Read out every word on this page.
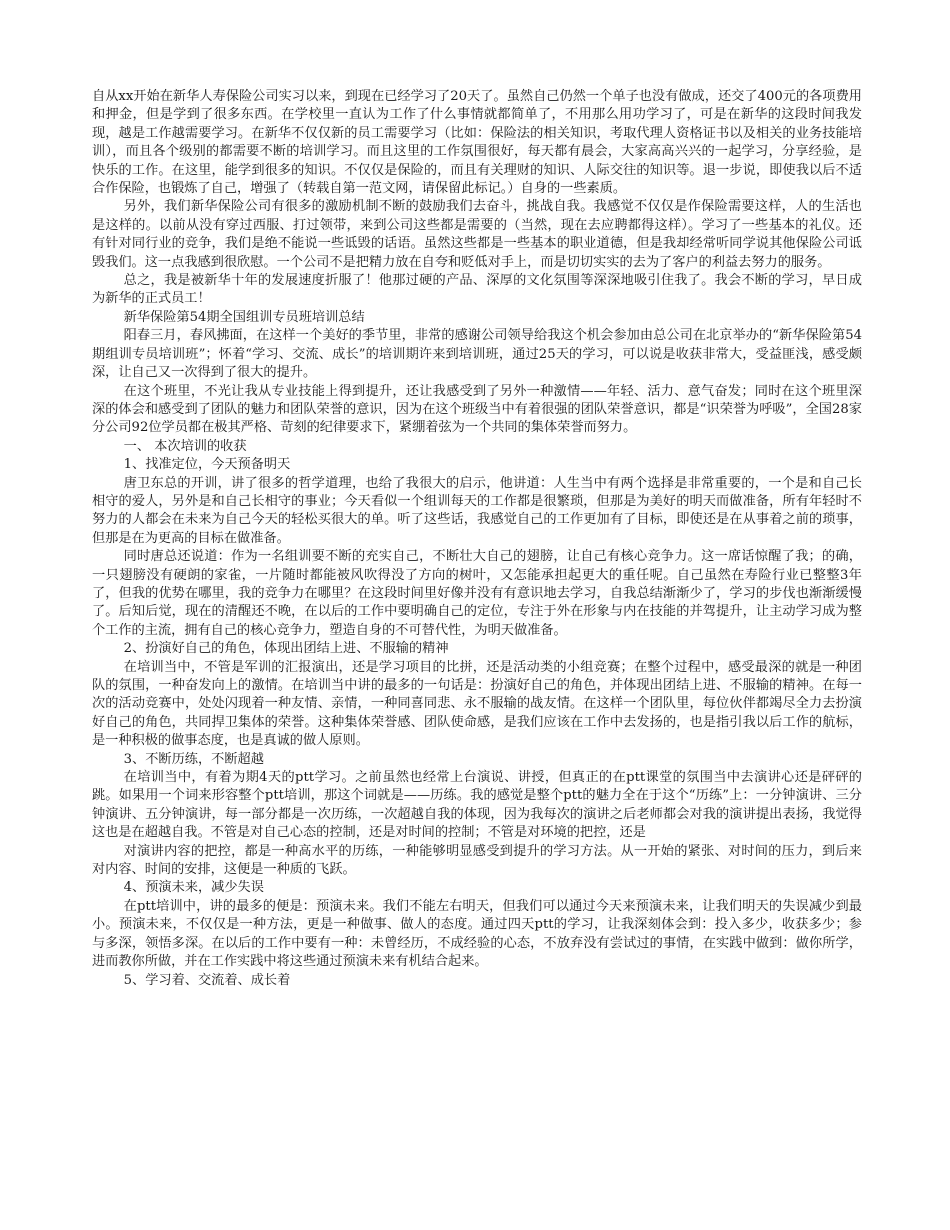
自从xx开始在新华人寿保险公司实习以来，到现在已经学习了20天了。虽然自己仍然一个单子也没有做成，还交了400元的各项费用和押金，但是学到了很多东西。在学校里一直认为工作了什么事情就都简单了，不用那么用功学习了，可是在新华的这段时间我发现，越是工作越需要学习。在新华不仅仅新的员工需要学习（比如：保险法的相关知识，考取代理人资格证书以及相关的业务技能培训），而且各个级别的都需要不断的培训学习。而且这里的工作氛围很好，每天都有晨会，大家高高兴兴的一起学习，分享经验，是快乐的工作。在这里，能学到很多的知识。不仅仅是保险的，而且有关理财的知识、人际交往的知识等。退一步说，即使我以后不适合作保险，也锻炼了自己，增强了（转载自第一范文网，请保留此标记。）自身的一些素质。

另外，我们新华保险公司有很多的激励机制不断的鼓励我们去奋斗，挑战自我。我感觉不仅仅是作保险需要这样，人的生活也是这样的。以前从没有穿过西服、打过领带，来到公司这些都是需要的（当然，现在去应聘都得这样）。学习了一些基本的礼仪。还有针对同行业的竞争，我们是绝不能说一些诋毁的话语。虽然这些都是一些基本的职业道德，但是我却经常听同学说其他保险公司诋毁我们。这一点我感到很欣慰。一个公司不是把精力放在自夸和贬低对手上，而是切切实实的去为了客户的利益去努力的服务。

总之，我是被新华十年的发展速度折服了！他那过硬的产品、深厚的文化氛围等深深地吸引住我了。我会不断的学习，早日成为新华的正式员工！

新华保险第54期全国组训专员班培训总结

阳春三月，春风拂面，在这样一个美好的季节里，非常的感谢公司领导给我这个机会参加由总公司在北京举办的“新华保险第54期组训专员培训班”；怀着“学习、交流、成长”的培训期许来到培训班，通过25天的学习，可以说是收获非常大，受益匪浅，感受颇深，让自己又一次得到了很大的提升。

在这个班里，不光让我从专业技能上得到提升，还让我感受到了另外一种激情——年轻、活力、意气奋发；同时在这个班里深深的体会和感受到了团队的魅力和团队荣誉的意识，因为在这个班级当中有着很强的团队荣誉意识，都是“识荣誉为呼吸”，全国28家分公司92位学员都在极其严格、苛刻的纪律要求下，紧绷着弦为一个共同的集体荣誉而努力。

一、 本次培训的收获

1、找准定位，今天预备明天

唐卫东总的开训，讲了很多的哲学道理，也给了我很大的启示，他讲道：人生当中有两个选择是非常重要的，一个是和自己长相守的爱人，另外是和自己长相守的事业；今天看似一个组训每天的工作都是很繁琐，但那是为美好的明天而做准备，所有年轻时不努力的人都会在未来为自己今天的轻松买很大的单。听了这些话，我感觉自己的工作更加有了目标，即使还是在从事着之前的琐事，但那是在为更高的目标在做准备。

同时唐总还说道：作为一名组训要不断的充实自己，不断壮大自己的翅膀，让自己有核心竞争力。这一席话惊醒了我；的确，一只翅膀没有硬朗的家雀，一片随时都能被风吹得没了方向的树叶，又怎能承担起更大的重任呢。自己虽然在寿险行业已整整3年了，但我的优势在哪里，我的竞争力在哪里？在这段时间里好像并没有有意识地去学习，自我总结渐渐少了，学习的步伐也渐渐缓慢了。后知后觉，现在的清醒还不晚，在以后的工作中要明确自己的定位，专注于外在形象与内在技能的并驾提升，让主动学习成为整个工作的主流，拥有自己的核心竞争力，塑造自身的不可替代性，为明天做准备。

2、扮演好自己的角色，体现出团结上进、不服输的精神

在培训当中，不管是军训的汇报演出，还是学习项目的比拼，还是活动类的小组竞赛；在整个过程中，感受最深的就是一种团队的氛围，一种奋发向上的激情。在培训当中讲的最多的一句话是：扮演好自己的角色，并体现出团结上进、不服输的精神。在每一次的活动竞赛中，处处闪现着一种友情、亲情，一种同喜同悲、永不服输的战友情。在这样一个团队里，每位伙伴都竭尽全力去扮演好自己的角色，共同捍卫集体的荣誉。这种集体荣誉感、团队使命感，是我们应该在工作中去发扬的，也是指引我以后工作的航标，是一种积极的做事态度，也是真诚的做人原则。

3、不断历练，不断超越

在培训当中，有着为期4天的ptt学习。之前虽然也经常上台演说、讲授，但真正的在ptt课堂的氛围当中去演讲心还是砰砰的跳。如果用一个词来形容整个ptt培训，那这个词就是——历练。我的感觉是整个ptt的魅力全在于这个“历练”上：一分钟演讲、三分钟演讲、五分钟演讲，每一部分都是一次历练，一次超越自我的体现，因为我每次的演讲之后老师都会对我的演讲提出表扬，我觉得这也是在超越自我。不管是对自己心态的控制，还是对时间的控制；不管是对环境的把控，还是

对演讲内容的把控，都是一种高水平的历练，一种能够明显感受到提升的学习方法。从一开始的紧张、对时间的压力，到后来对内容、时间的安排，这便是一种质的飞跃。

4、预演未来，减少失误

在ptt培训中，讲的最多的便是：预演未来。我们不能左右明天，但我们可以通过今天来预演未来，让我们明天的失误减少到最小。预演未来，不仅仅是一种方法，更是一种做事、做人的态度。通过四天ptt的学习，让我深刻体会到：投入多少，收获多少；参与多深，领悟多深。在以后的工作中要有一种：未曾经历，不成经验的心态，不放弃没有尝试过的事情，在实践中做到：做你所学，进而教你所做，并在工作实践中将这些通过预演未来有机结合起来。

5、学习着、交流着、成长着
